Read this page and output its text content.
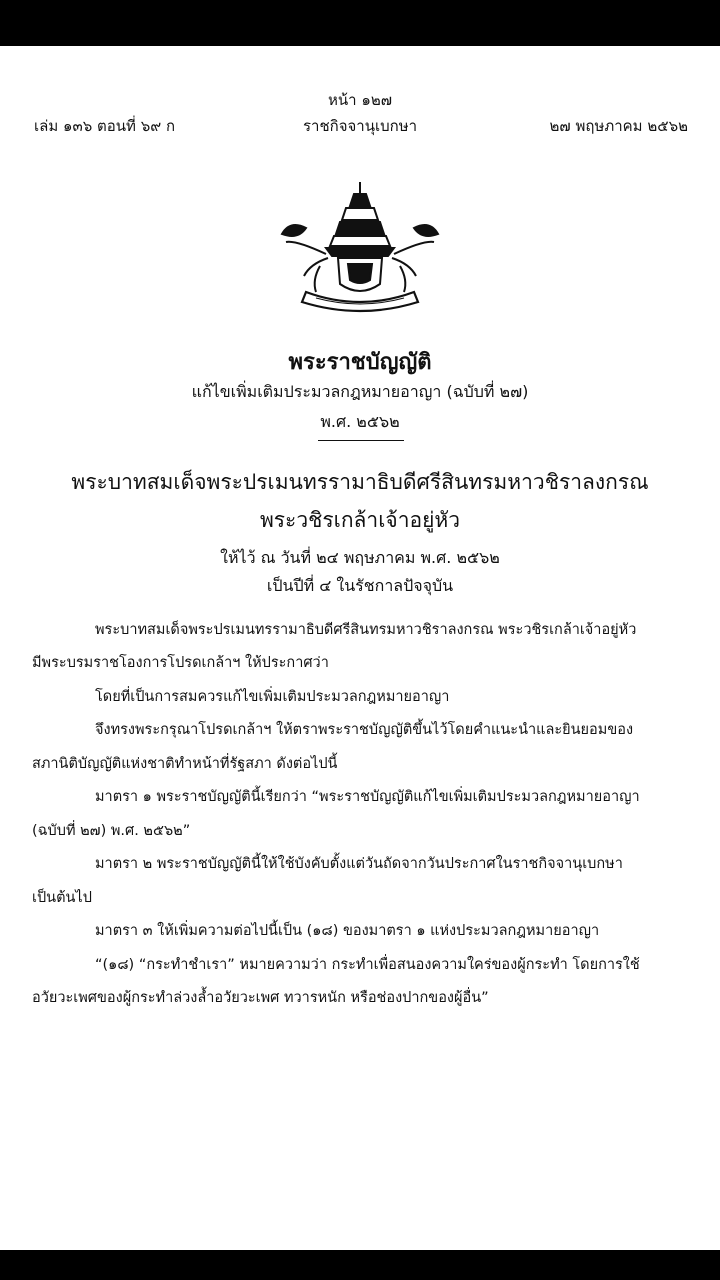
หน้า ๑๒๗
เล่ม ๑๓๖ ตอนที่ ๖๙ ก	ราชกิจจานุเบกษา	๒๗ พฤษภาคม ๒๕๖๒
พระราชบัญญัติ
แก้ไขเพิ่มเติมประมวลกฎหมายอาญา (ฉบับที่ ๒๗)
พ.ศ. ๒๕๖๒
พระบาทสมเด็จพระปรเมนทรรามาธิบดีศรีสินทรมหาวชิราลงกรณ
พระวชิรเกล้าเจ้าอยู่หัว
ให้ไว้ ณ วันที่ ๒๔ พฤษภาคม พ.ศ. ๒๕๖๒
เป็นปีที่ ๔ ในรัชกาลปัจจุบัน
พระบาทสมเด็จพระปรเมนทรรามาธิบดีศรีสินทรมหาวชิราลงกรณ พระวชิรเกล้าเจ้าอยู่หัว
มีพระบรมราชโองการโปรดเกล้าฯ ให้ประกาศว่า
โดยที่เป็นการสมควรแก้ไขเพิ่มเติมประมวลกฎหมายอาญา
จึงทรงพระกรุณาโปรดเกล้าฯ ให้ตราพระราชบัญญัติขึ้นไว้โดยคำแนะนำและยินยอมของ
สภานิติบัญญัติแห่งชาติทำหน้าที่รัฐสภา ดังต่อไปนี้
มาตรา ๑ พระราชบัญญัตินี้เรียกว่า “พระราชบัญญัติแก้ไขเพิ่มเติมประมวลกฎหมายอาญา
(ฉบับที่ ๒๗) พ.ศ. ๒๕๖๒”
มาตรา ๒ พระราชบัญญัตินี้ให้ใช้บังคับตั้งแต่วันถัดจากวันประกาศในราชกิจจานุเบกษา
เป็นต้นไป
มาตรา ๓ ให้เพิ่มความต่อไปนี้เป็น (๑๘) ของมาตรา ๑ แห่งประมวลกฎหมายอาญา
“(๑๘) “กระทำชำเรา” หมายความว่า กระทำเพื่อสนองความใคร่ของผู้กระทำ โดยการใช้
อวัยวะเพศของผู้กระทำล่วงล้ำอวัยวะเพศ ทวารหนัก หรือช่องปากของผู้อื่น”
